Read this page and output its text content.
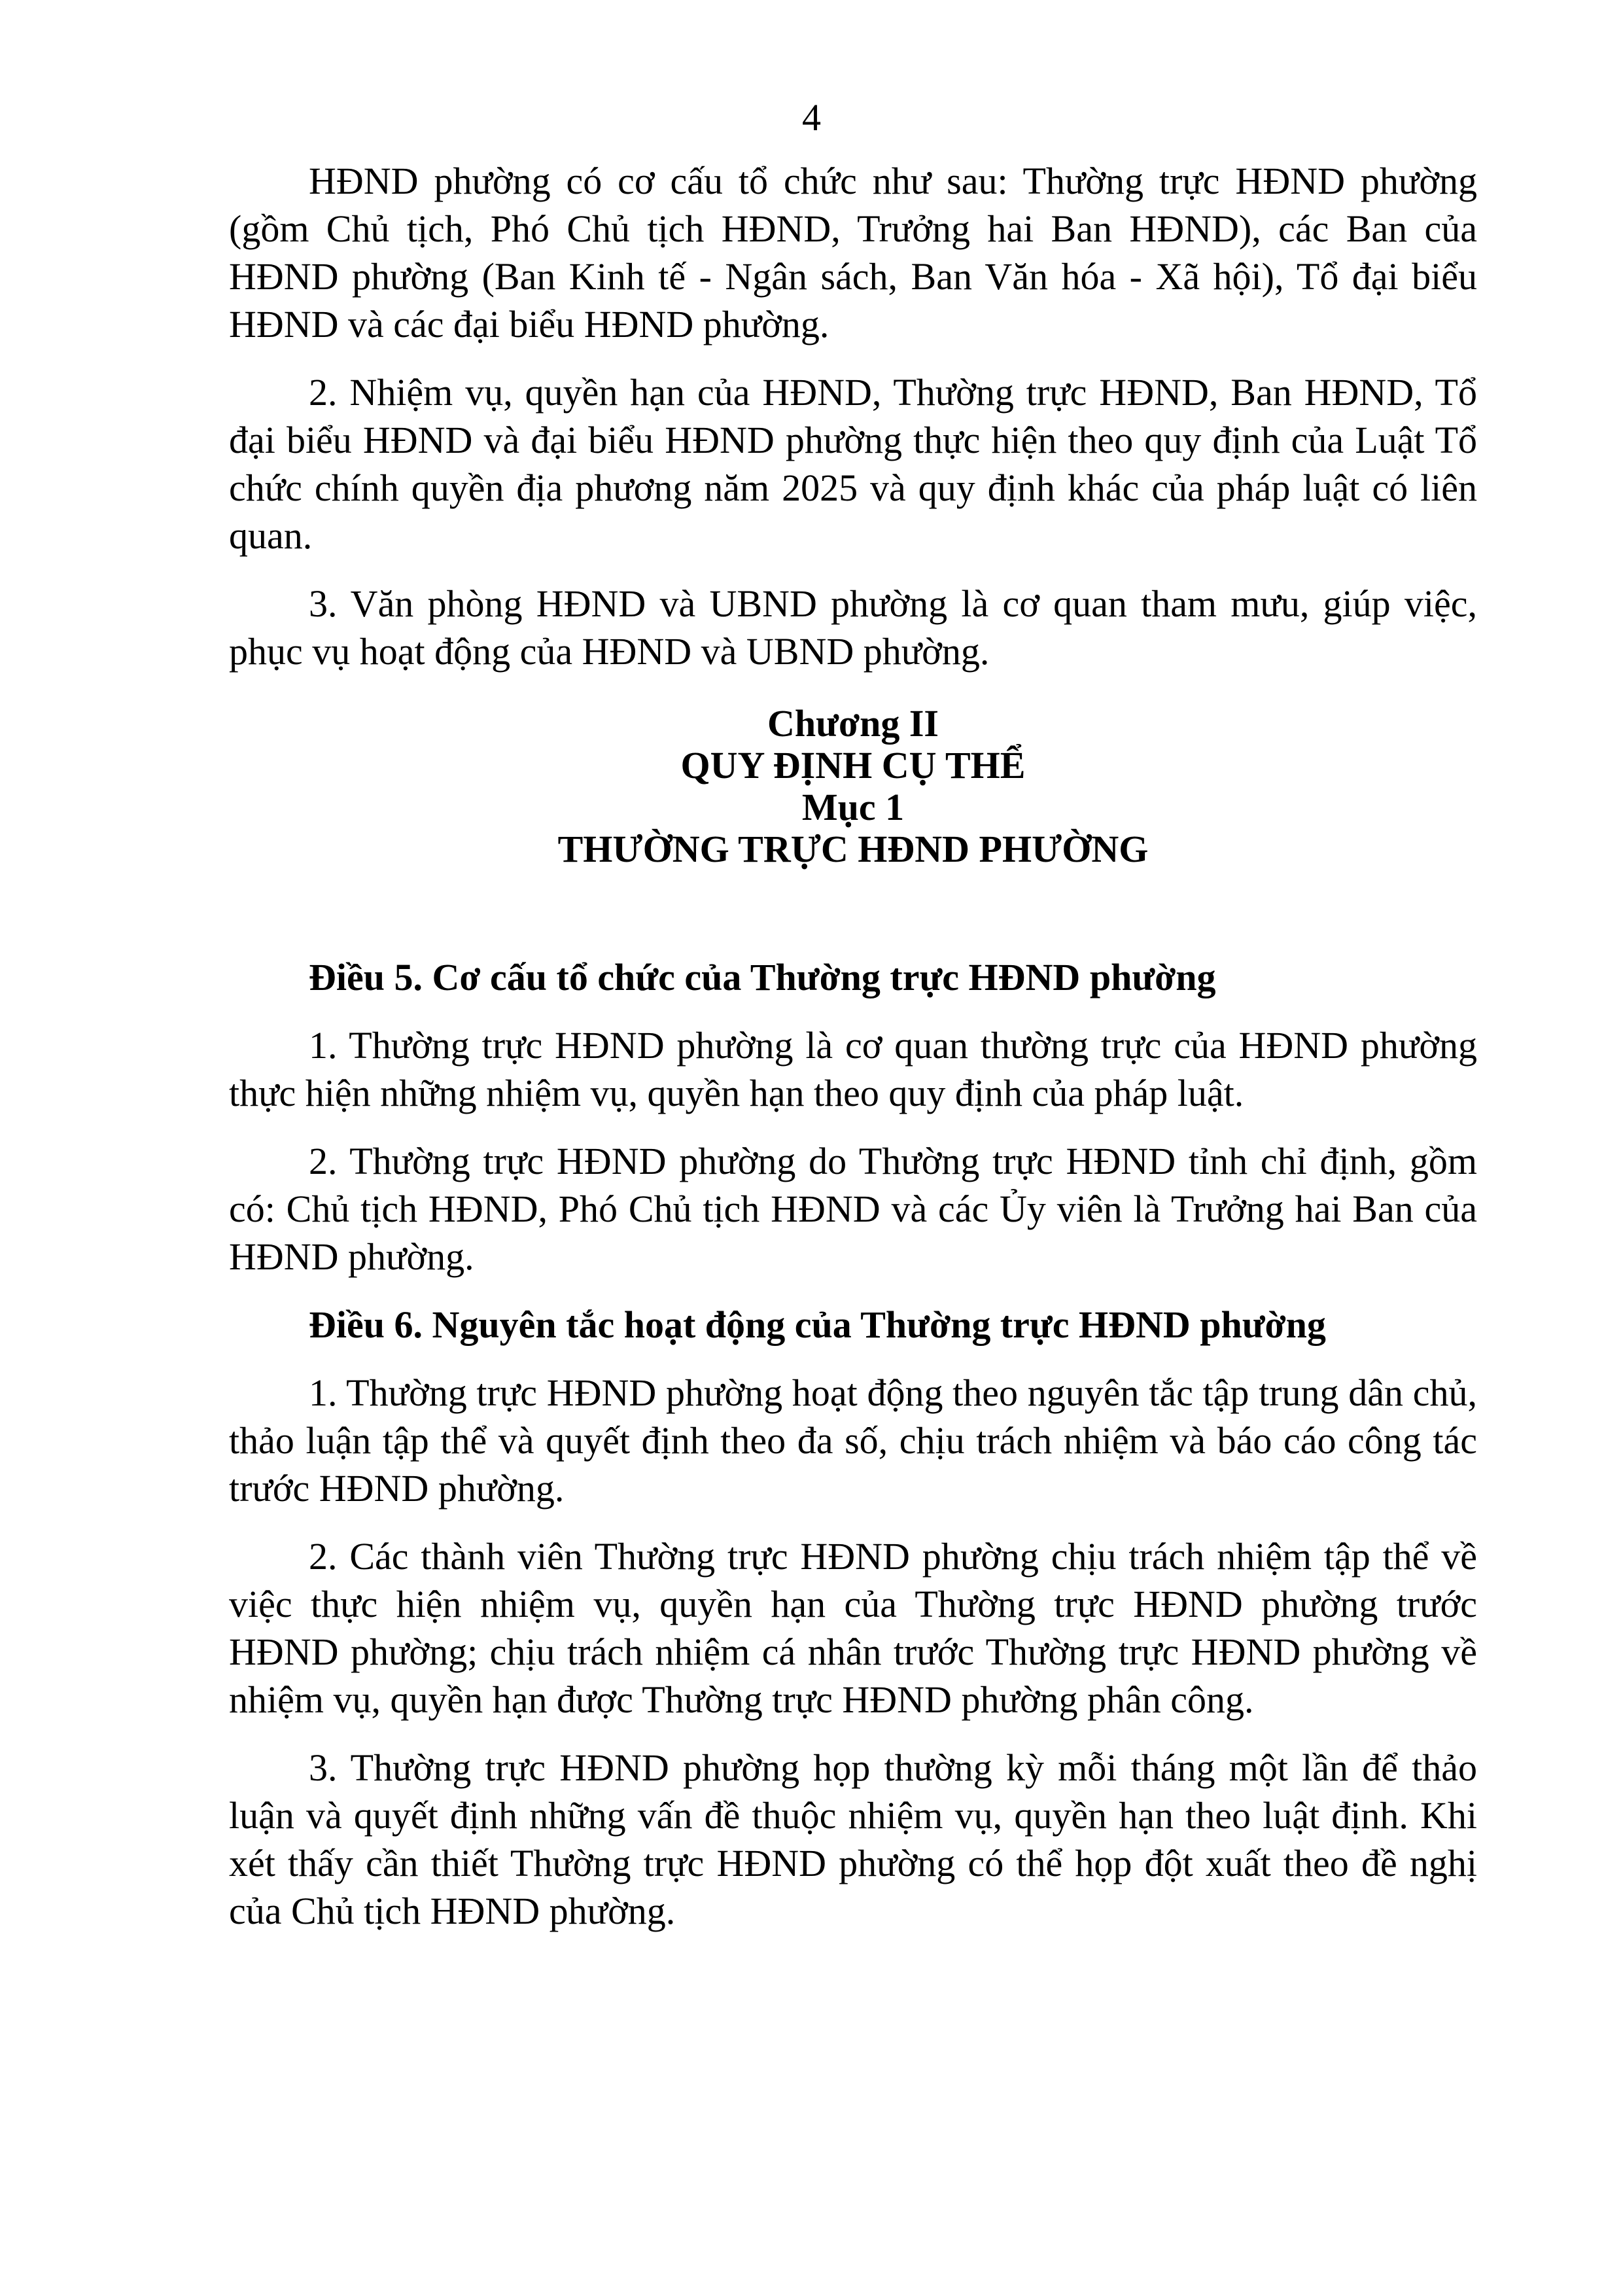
4

HĐND phường có cơ cấu tổ chức như sau: Thường trực HĐND phường (gồm Chủ tịch, Phó Chủ tịch HĐND, Trưởng hai Ban HĐND), các Ban của HĐND phường (Ban Kinh tế - Ngân sách, Ban Văn hóa - Xã hội), Tổ đại biểu HĐND và các đại biểu HĐND phường.

2. Nhiệm vụ, quyền hạn của HĐND, Thường trực HĐND, Ban HĐND, Tổ đại biểu HĐND và đại biểu HĐND phường thực hiện theo quy định của Luật Tổ chức chính quyền địa phương năm 2025 và quy định khác của pháp luật có liên quan.

3. Văn phòng HĐND và UBND phường là cơ quan tham mưu, giúp việc, phục vụ hoạt động của HĐND và UBND phường.

Chương II
QUY ĐỊNH CỤ THỂ
Mục 1
THƯỜNG TRỰC HĐND PHƯỜNG

Điều 5. Cơ cấu tổ chức của Thường trực HĐND phường

1. Thường trực HĐND phường là cơ quan thường trực của HĐND phường thực hiện những nhiệm vụ, quyền hạn theo quy định của pháp luật.

2. Thường trực HĐND phường do Thường trực HĐND tỉnh chỉ định, gồm có: Chủ tịch HĐND, Phó Chủ tịch HĐND và các Ủy viên là Trưởng hai Ban của HĐND phường.

Điều 6. Nguyên tắc hoạt động của Thường trực HĐND phường

1. Thường trực HĐND phường hoạt động theo nguyên tắc tập trung dân chủ, thảo luận tập thể và quyết định theo đa số, chịu trách nhiệm và báo cáo công tác trước HĐND phường.

2. Các thành viên Thường trực HĐND phường chịu trách nhiệm tập thể về việc thực hiện nhiệm vụ, quyền hạn của Thường trực HĐND phường trước HĐND phường; chịu trách nhiệm cá nhân trước Thường trực HĐND phường về nhiệm vụ, quyền hạn được Thường trực HĐND phường phân công.

3. Thường trực HĐND phường họp thường kỳ mỗi tháng một lần để thảo luận và quyết định những vấn đề thuộc nhiệm vụ, quyền hạn theo luật định. Khi xét thấy cần thiết Thường trực HĐND phường có thể họp đột xuất theo đề nghị của Chủ tịch HĐND phường.
